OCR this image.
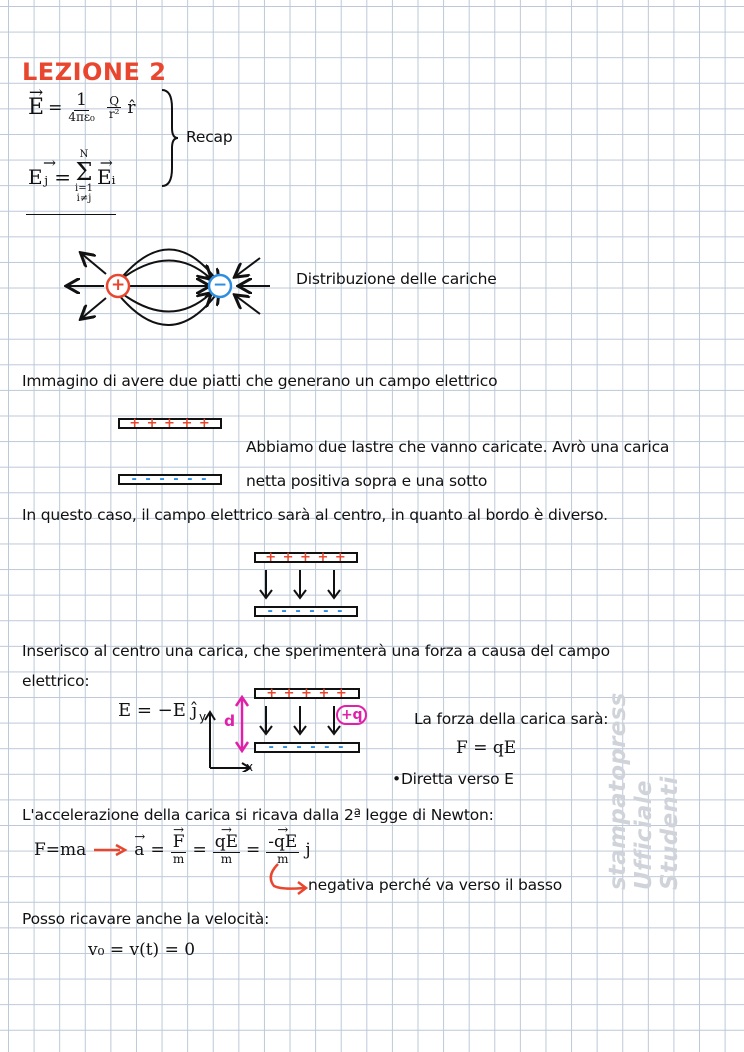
LEZIONE 2
→ $E = \frac{1}{\text{4πε₀}} \frac{Q}{\text{r²}}$ r̂
→ Eⱼ =
N
Σ
i=1
i≠j
→ Eᵢ
Recap
+	−	Distribuzione delle cariche
Immagino di avere due piatti che generano un campo elettrico
+ + + + +
- - - - - -
Abbiamo due lastre che vanno caricate. Avrò una carica
netta positiva sopra e una sotto
In questo caso, il campo elettrico sarà al centro, in quanto al bordo è diverso.
+ + + + +
- - - - - -
Inserisco al centro una carica, che sperimenterà una forza a causa del campo
elettrico:
E = −E ĵ y
x
d
+ + + + +
+q
- - - - - -
La forza della carica sarà:
F = qE
•Diretta verso E
L'accelerazione della carica si ricava dalla 2ª legge di Newton:
F=ma	→ a = → $\frac{F}{m}$ = → $\frac{qE}{m}$ = → $\frac{-qE}{m}$ j
negativa perché va verso il basso
Posso ricavare anche la velocità:
v₀ = v(t) = 0
stampatopress Ufficiale Studenti
